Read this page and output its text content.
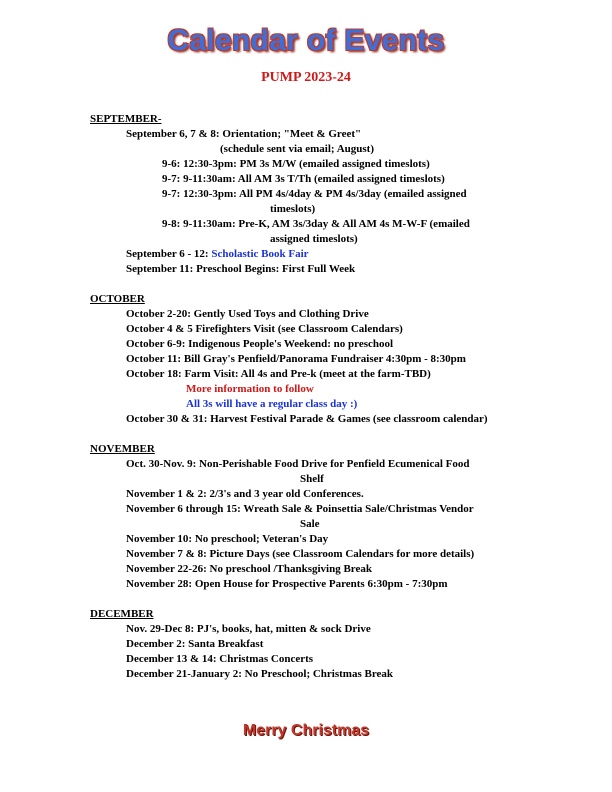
Calendar of Events
PUMP 2023-24
SEPTEMBER-
September 6, 7 & 8: Orientation; "Meet & Greet"
(schedule sent via email; August)
9-6: 12:30-3pm: PM 3s M/W (emailed assigned timeslots)
9-7: 9-11:30am: All AM 3s T/Th (emailed assigned timeslots)
9-7: 12:30-3pm: All PM 4s/4day & PM 4s/3day (emailed assigned
timeslots)
9-8: 9-11:30am: Pre-K, AM 3s/3day & All AM 4s M-W-F (emailed
assigned timeslots)
September 6 - 12: Scholastic Book Fair
September 11: Preschool Begins: First Full Week
OCTOBER
October 2-20: Gently Used Toys and Clothing Drive
October 4 & 5 Firefighters Visit (see Classroom Calendars)
October 6-9: Indigenous People's Weekend: no preschool
October 11: Bill Gray's Penfield/Panorama Fundraiser 4:30pm - 8:30pm
October 18: Farm Visit: All 4s and Pre-k (meet at the farm-TBD)
More information to follow
All 3s will have a regular class day :)
October 30 & 31: Harvest Festival Parade & Games (see classroom calendar)
NOVEMBER
Oct. 30-Nov. 9: Non-Perishable Food Drive for Penfield Ecumenical Food
Shelf
November 1 & 2: 2/3's and 3 year old Conferences.
November 6 through 15: Wreath Sale & Poinsettia Sale/Christmas Vendor
Sale
November 10: No preschool; Veteran's Day
November 7 & 8: Picture Days (see Classroom Calendars for more details)
November 22-26: No preschool /Thanksgiving Break
November 28: Open House for Prospective Parents 6:30pm - 7:30pm
DECEMBER
Nov. 29-Dec 8: PJ's, books, hat, mitten & sock Drive
December 2: Santa Breakfast
December 13 & 14: Christmas Concerts
December 21-January 2: No Preschool; Christmas Break
Merry Christmas
